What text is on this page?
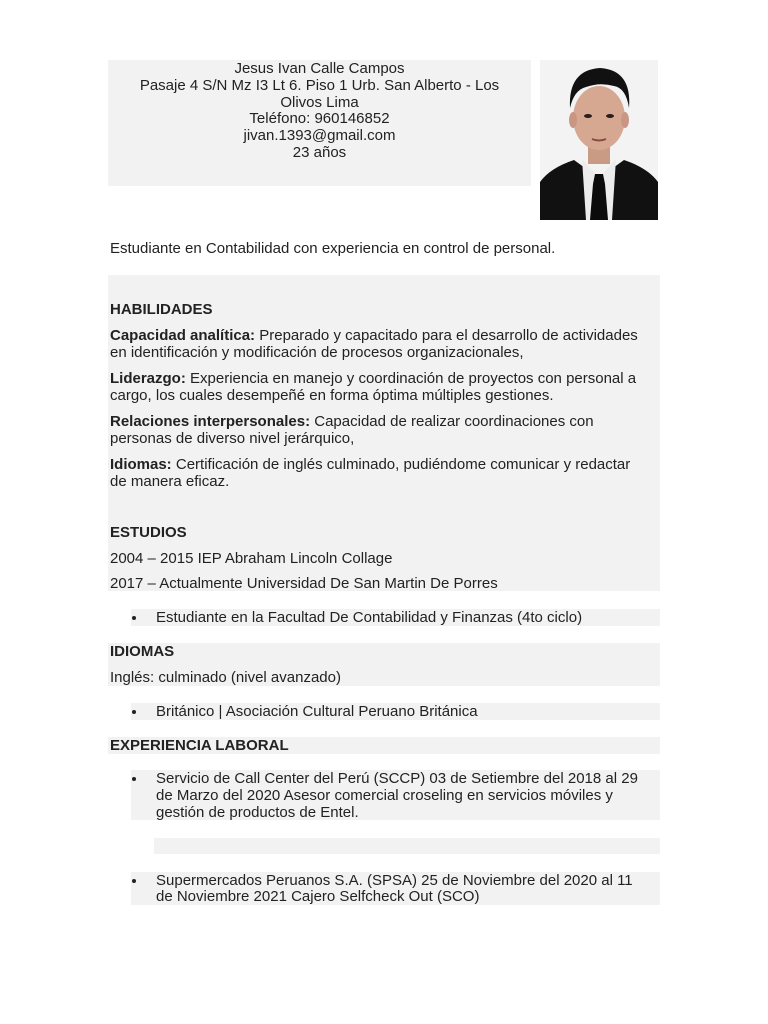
Jesus Ivan Calle Campos
Pasaje 4 S/N Mz I3 Lt 6. Piso 1 Urb. San Alberto - Los
Olivos Lima
Teléfono: 960146852
jivan.1393@gmail.com
23 años
Estudiante en Contabilidad con experiencia en control de personal.
HABILIDADES
Capacidad analítica: Preparado y capacitado para el desarrollo de actividades
en identificación y modificación de procesos organizacionales,
Liderazgo: Experiencia en manejo y coordinación de proyectos con personal a
cargo, los cuales desempeñé en forma óptima múltiples gestiones.
Relaciones interpersonales: Capacidad de realizar coordinaciones con
personas de diverso nivel jerárquico,
Idiomas: Certificación de inglés culminado, pudiéndome comunicar y redactar
de manera eficaz.
ESTUDIOS
2004 – 2015 IEP Abraham Lincoln Collage
2017 – Actualmente Universidad De San Martin De Porres
Estudiante en la Facultad De Contabilidad y Finanzas (4to ciclo)
IDIOMAS
Inglés: culminado (nivel avanzado)
Británico | Asociación Cultural Peruano Británica
EXPERIENCIA LABORAL
Servicio de Call Center del Perú (SCCP) 03 de Setiembre del 2018 al 29
de Marzo del 2020 Asesor comercial croseling en servicios móviles y
gestión de productos de Entel.
Supermercados Peruanos S.A. (SPSA) 25 de Noviembre del 2020 al 11
de Noviembre 2021 Cajero Selfcheck Out (SCO)
